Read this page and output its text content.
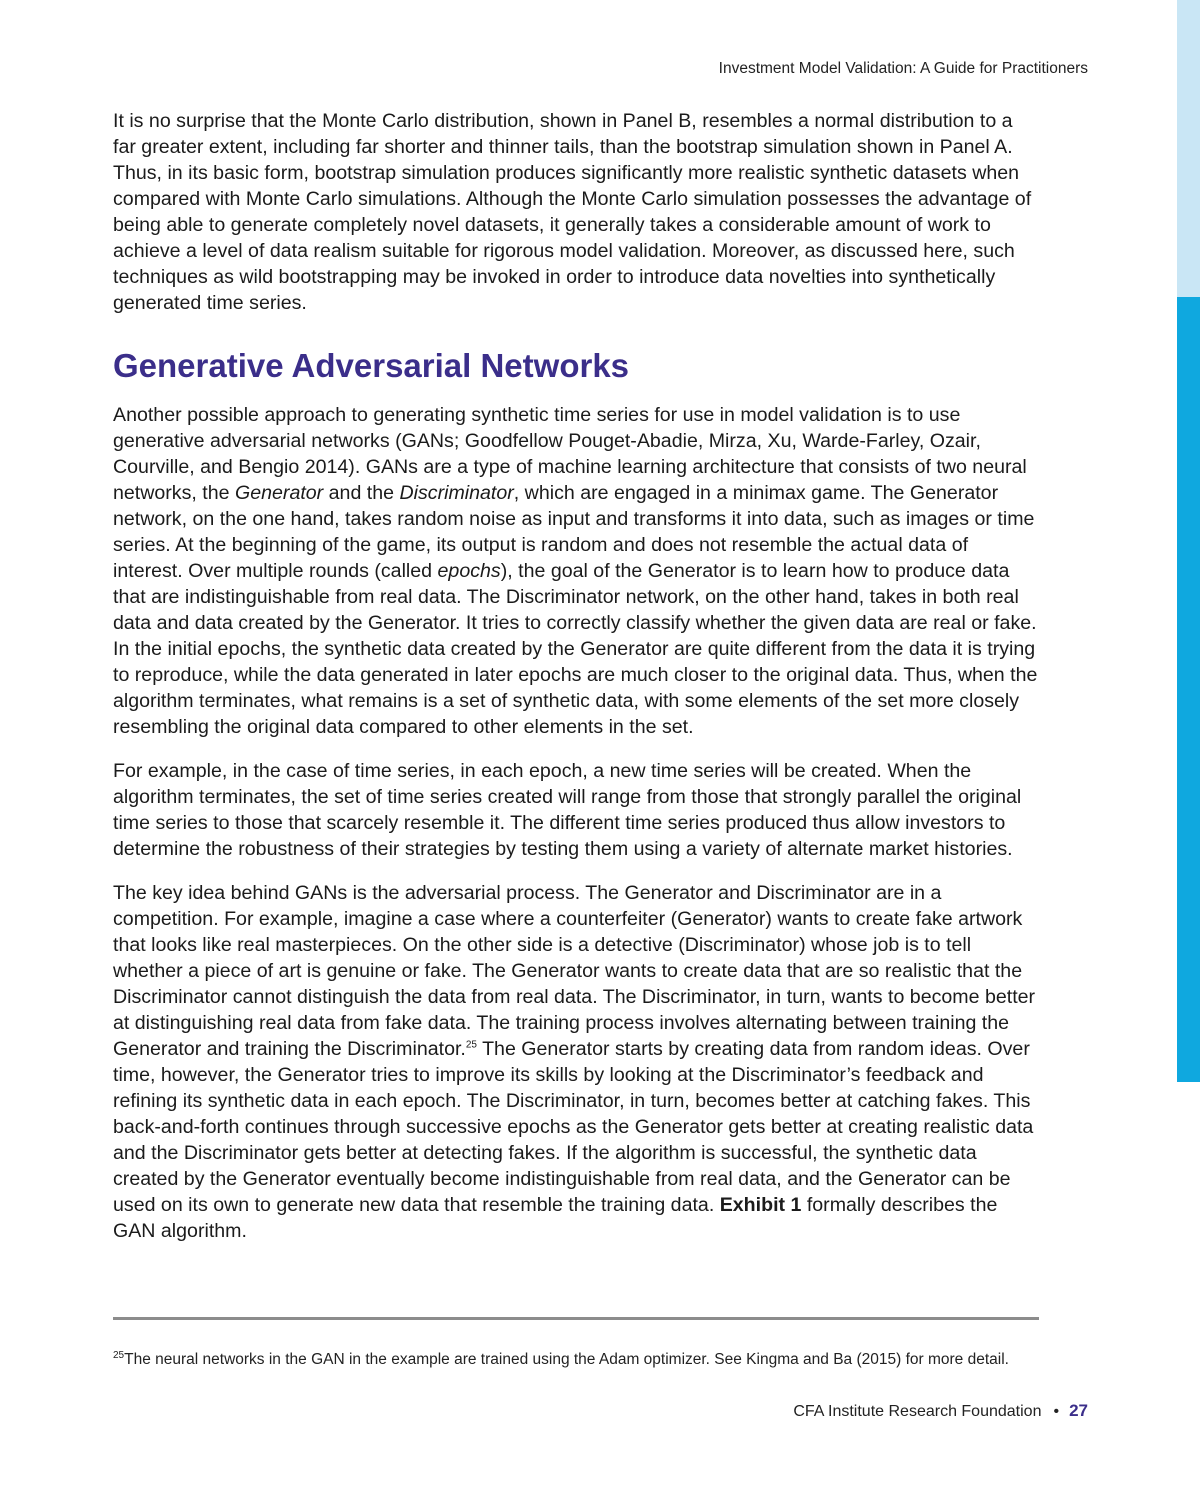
Investment Model Validation: A Guide for Practitioners

It is no surprise that the Monte Carlo distribution, shown in Panel B, resembles a normal distribution to a far greater extent, including far shorter and thinner tails, than the bootstrap simulation shown in Panel A. Thus, in its basic form, bootstrap simulation produces significantly more realistic synthetic datasets when compared with Monte Carlo simulations. Although the Monte Carlo simulation possesses the advantage of being able to generate completely novel datasets, it generally takes a considerable amount of work to achieve a level of data realism suitable for rigorous model validation. Moreover, as discussed here, such techniques as wild bootstrapping may be invoked in order to introduce data novelties into synthetically generated time series.

Generative Adversarial Networks

Another possible approach to generating synthetic time series for use in model validation is to use generative adversarial networks (GANs; Goodfellow Pouget-Abadie, Mirza, Xu, Warde-Farley, Ozair, Courville, and Bengio 2014). GANs are a type of machine learning architecture that consists of two neural networks, the Generator and the Discriminator, which are engaged in a minimax game. The Generator network, on the one hand, takes random noise as input and transforms it into data, such as images or time series. At the beginning of the game, its output is random and does not resemble the actual data of interest. Over multiple rounds (called epochs), the goal of the Generator is to learn how to produce data that are indistinguishable from real data. The Discriminator network, on the other hand, takes in both real data and data created by the Generator. It tries to correctly classify whether the given data are real or fake. In the initial epochs, the synthetic data created by the Generator are quite different from the data it is trying to reproduce, while the data generated in later epochs are much closer to the original data. Thus, when the algorithm terminates, what remains is a set of synthetic data, with some elements of the set more closely resembling the original data compared to other elements in the set.

For example, in the case of time series, in each epoch, a new time series will be created. When the algorithm terminates, the set of time series created will range from those that strongly parallel the original time series to those that scarcely resemble it. The different time series produced thus allow investors to determine the robustness of their strategies by testing them using a variety of alternate market histories.

The key idea behind GANs is the adversarial process. The Generator and Discriminator are in a competition. For example, imagine a case where a counterfeiter (Generator) wants to create fake artwork that looks like real masterpieces. On the other side is a detective (Discriminator) whose job is to tell whether a piece of art is genuine or fake. The Generator wants to create data that are so realistic that the Discriminator cannot distinguish the data from real data. The Discriminator, in turn, wants to become better at distinguishing real data from fake data. The training process involves alternating between training the Generator and training the Discriminator.$^{25}$ The Generator starts by creating data from random ideas. Over time, however, the Generator tries to improve its skills by looking at the Discriminator’s feedback and refining its synthetic data in each epoch. The Discriminator, in turn, becomes better at catching fakes. This back-and-forth continues through successive epochs as the Generator gets better at creating realistic data and the Discriminator gets better at detecting fakes. If the algorithm is successful, the synthetic data created by the Generator eventually become indistinguishable from real data, and the Generator can be used on its own to generate new data that resemble the training data. Exhibit 1 formally describes the GAN algorithm.

$^{25}$The neural networks in the GAN in the example are trained using the Adam optimizer. See Kingma and Ba (2015) for more detail.
CFA Institute Research Foundation • 27
